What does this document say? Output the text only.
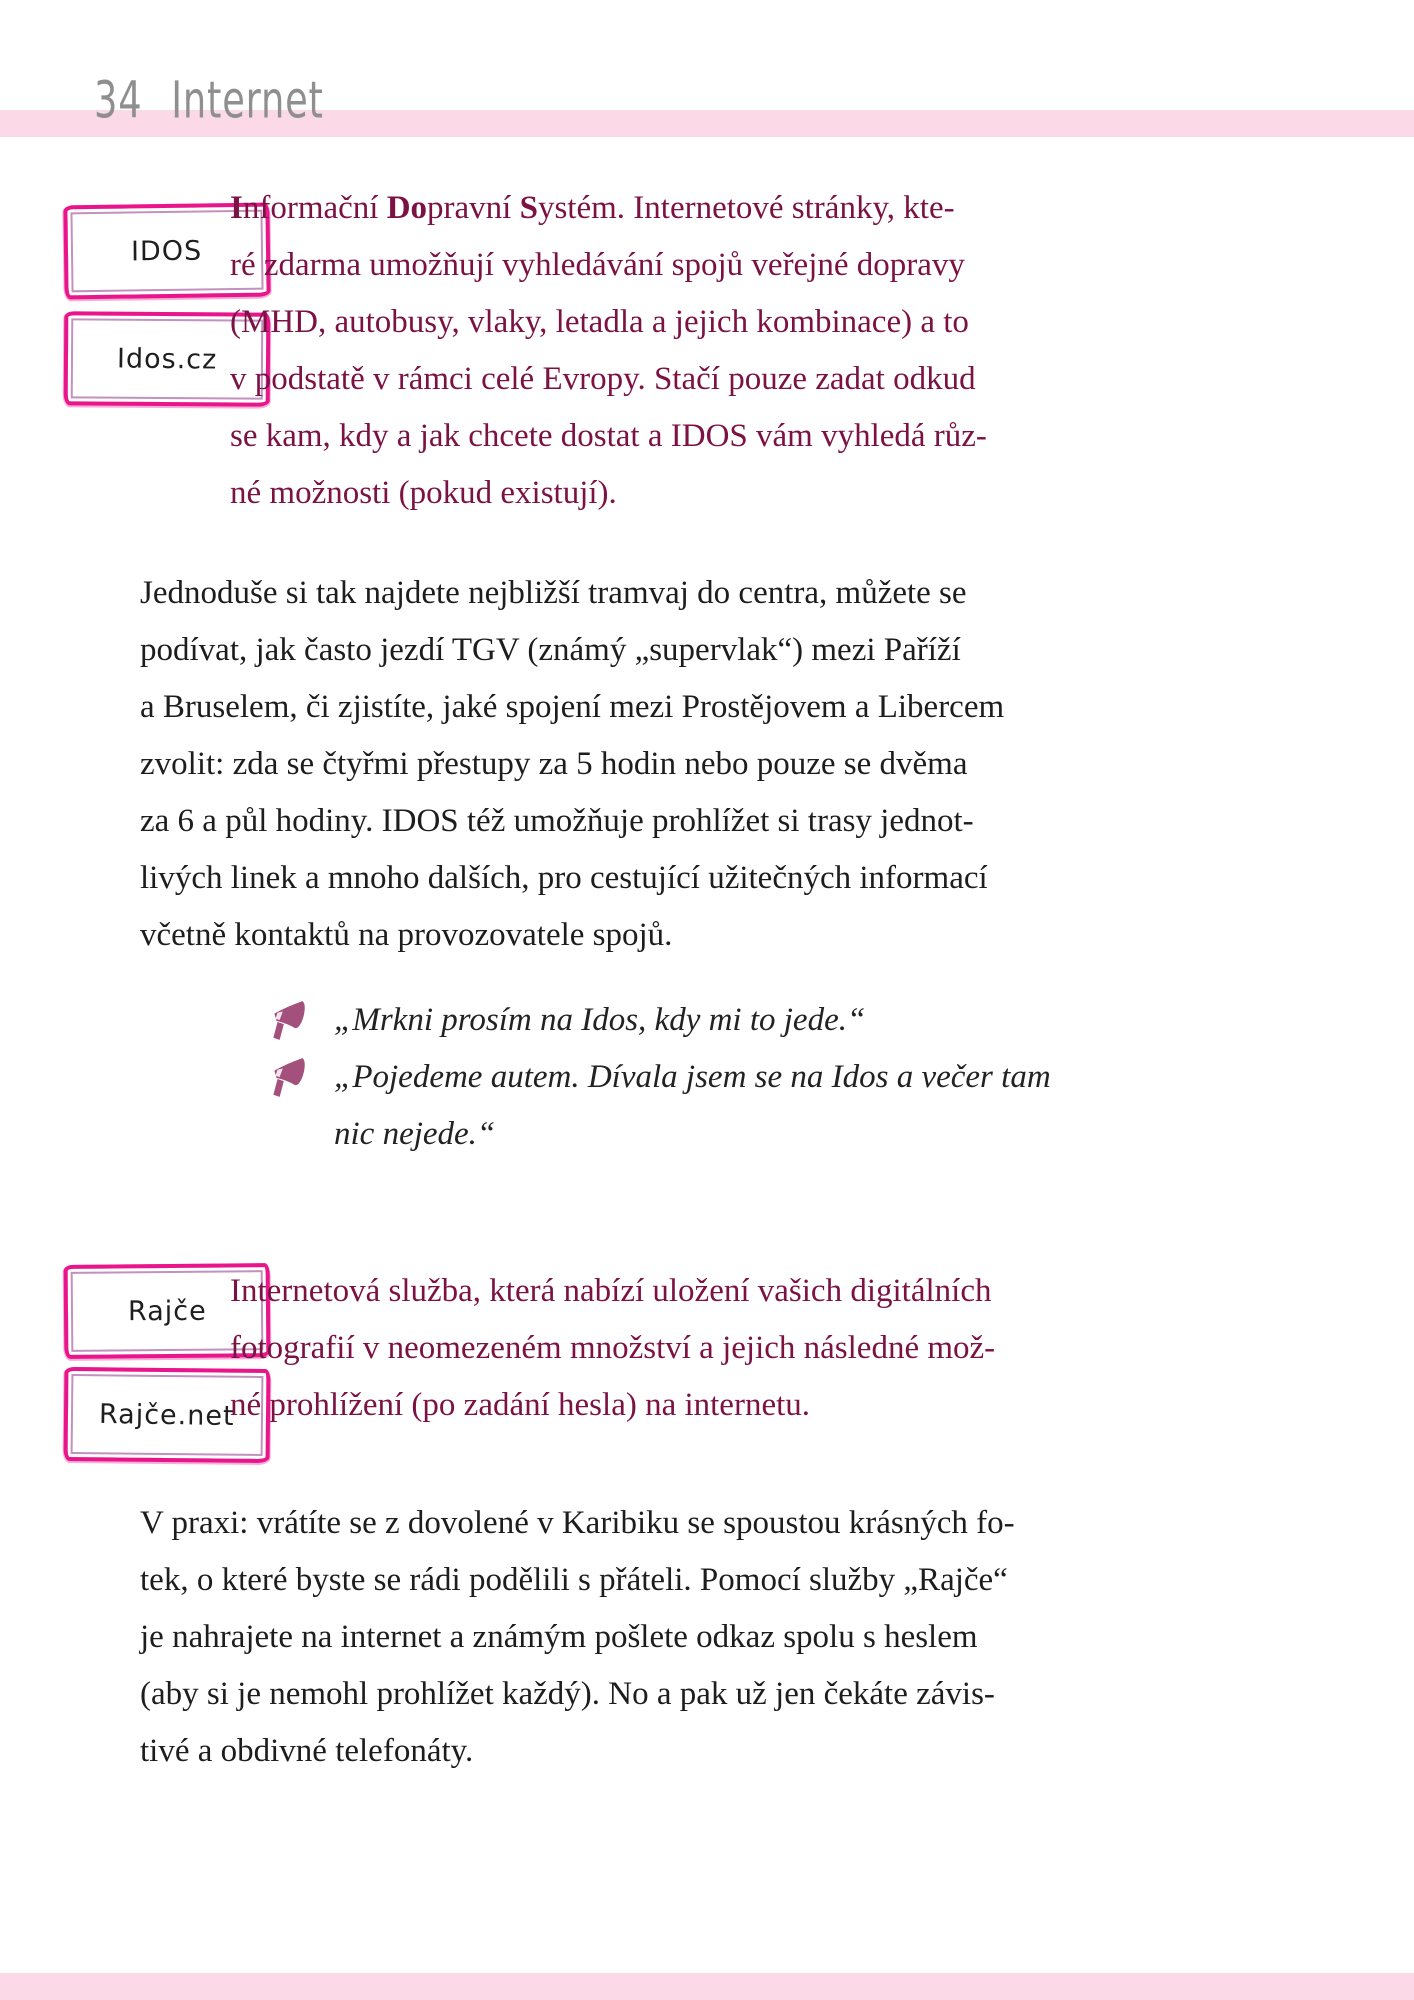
34 Internet
IDOS
Idos.cz
Informační Dopravní Systém. Internetové stránky, kte-
ré zdarma umožňují vyhledávání spojů veřejné dopravy
(MHD, autobusy, vlaky, letadla a jejich kombinace) a to
v podstatě v rámci celé Evropy. Stačí pouze zadat odkud
se kam, kdy a jak chcete dostat a IDOS vám vyhledá růz-
né možnosti (pokud existují).
Jednoduše si tak najdete nejbližší tramvaj do centra, můžete se
podívat, jak často jezdí TGV (známý „supervlak“) mezi Paříží
a Bruselem, či zjistíte, jaké spojení mezi Prostějovem a Libercem
zvolit: zda se čtyřmi přestupy za 5 hodin nebo pouze se dvěma
za 6 a půl hodiny. IDOS též umožňuje prohlížet si trasy jednot-
livých linek a mnoho dalších, pro cestující užitečných informací
včetně kontaktů na provozovatele spojů.
„Mrkni prosím na Idos, kdy mi to jede.“
„Pojedeme autem. Dívala jsem se na Idos a večer tam
nic nejede.“
Rajče
Rajče.net
Internetová služba, která nabízí uložení vašich digitálních
fotografií v neomezeném množství a jejich následné mož-
né prohlížení (po zadání hesla) na internetu.
V praxi: vrátíte se z dovolené v Karibiku se spoustou krásných fo-
tek, o které byste se rádi podělili s přáteli. Pomocí služby „Rajče“
je nahrajete na internet a známým pošlete odkaz spolu s heslem
(aby si je nemohl prohlížet každý). No a pak už jen čekáte závis-
tivé a obdivné telefonáty.
